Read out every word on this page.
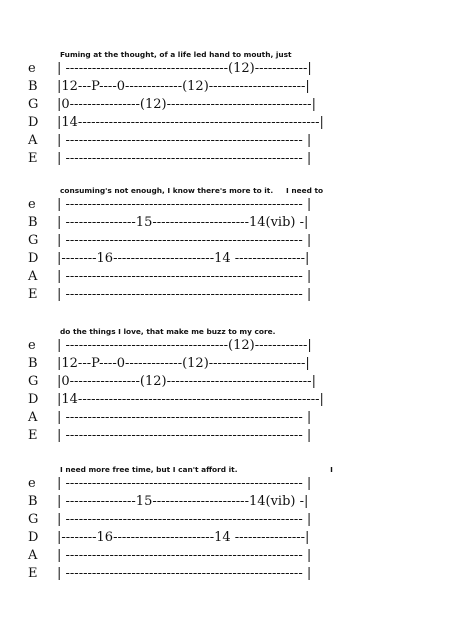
Fuming at the thought, of a life led hand to mouth, just
e	| -------------------------------------(12)------------|
B	|12---P----0-------------(12)----------------------|
G |0----------------(12)---------------------------------|
D |14-------------------------------------------------------|
A	| ------------------------------------------------------ |
E	| ------------------------------------------------------ |
consuming's not enough, I know there's more to it.     I need to
e	| ------------------------------------------------------ |
B	| ----------------15----------------------14(vib) -|
G | ------------------------------------------------------ |
D |--------16-----------------------14 ----------------|
A	| ------------------------------------------------------ |
E	| ------------------------------------------------------ |
do the things I love, that make me buzz to my core.
e	| -------------------------------------(12)------------|
B	|12---P----0-------------(12)----------------------|
G |0----------------(12)---------------------------------|
D |14-------------------------------------------------------|
A	| ------------------------------------------------------ |
E	| ------------------------------------------------------ |
I need more free time, but I can't afford it.                                    I
e	| ------------------------------------------------------ |
B	| ----------------15----------------------14(vib) -|
G | ------------------------------------------------------ |
D |--------16-----------------------14 ----------------|
A	| ------------------------------------------------------ |
E	| ------------------------------------------------------ |
